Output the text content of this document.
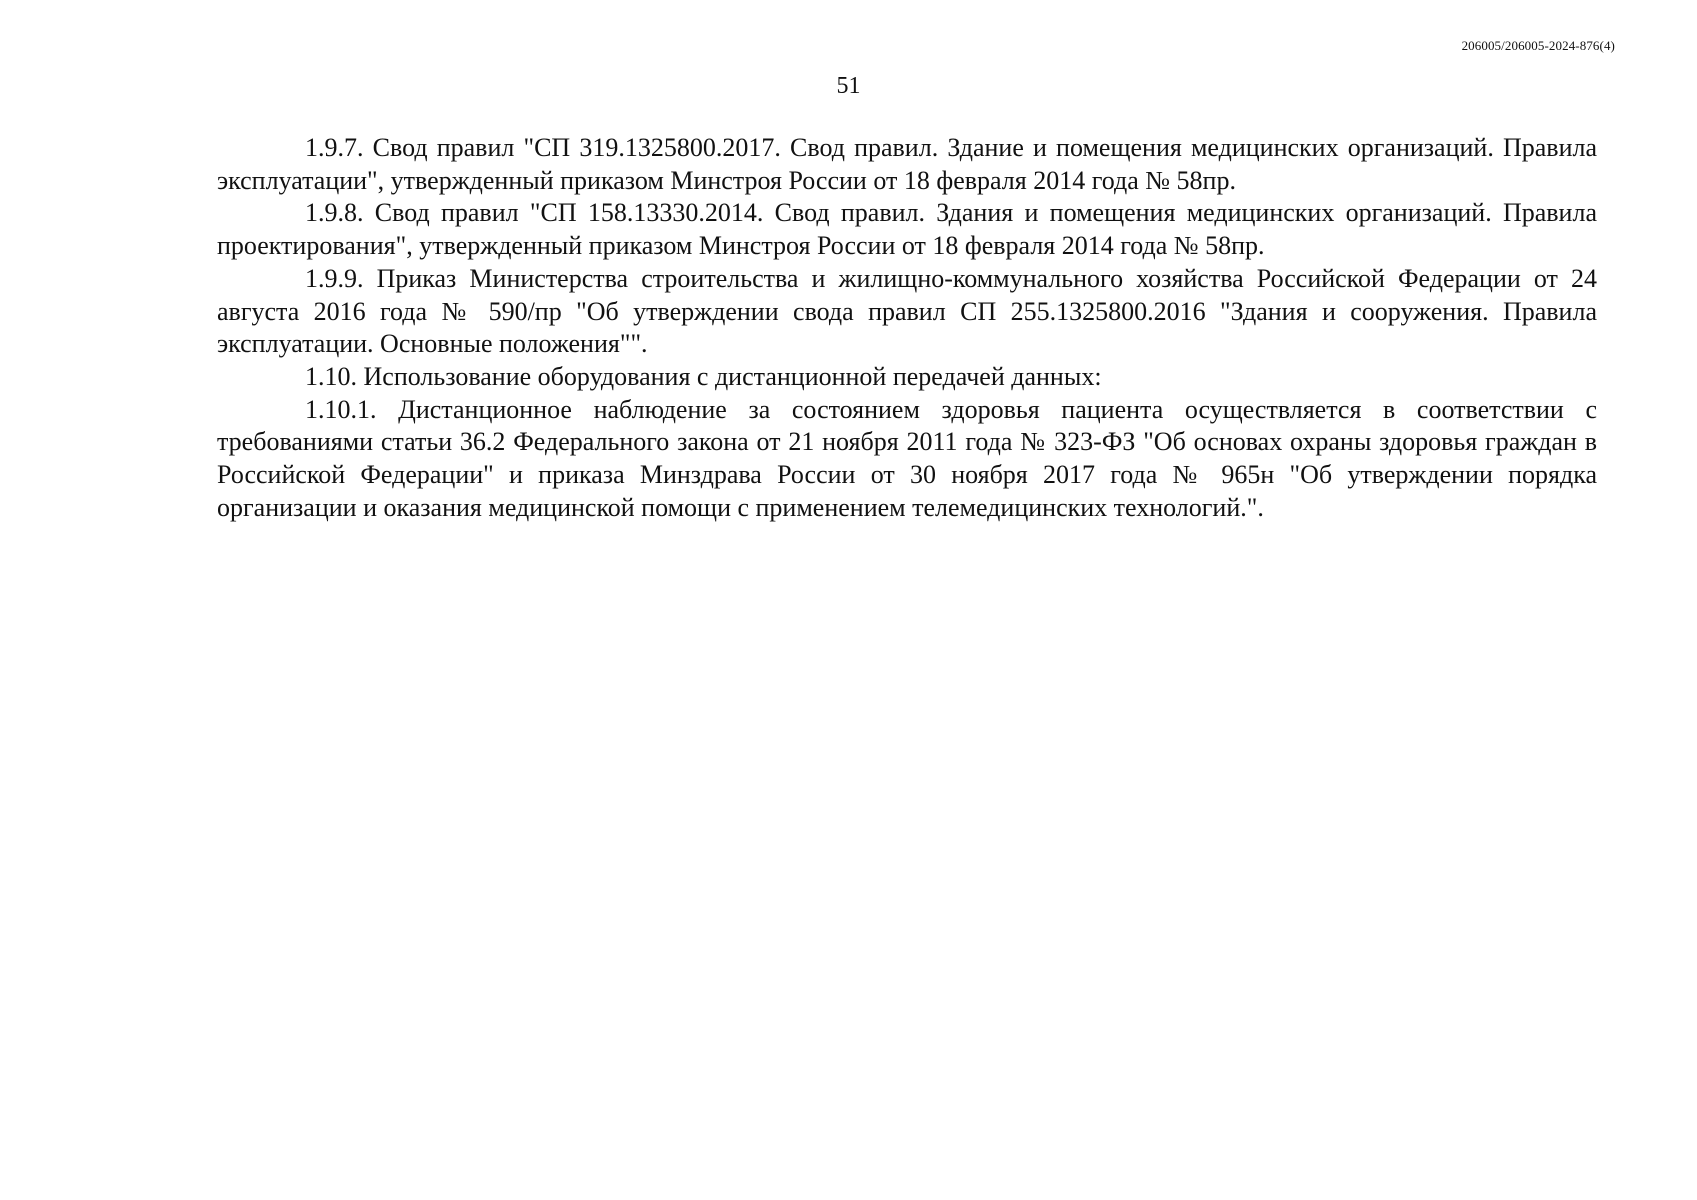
206005/206005-2024-876(4)
51

1.9.7. Свод правил "СП 319.1325800.2017. Свод правил. Здание и помещения медицинских организаций. Правила эксплуатации", утвержденный приказом Минстроя России от 18 февраля 2014 года № 58пр.

1.9.8. Свод правил "СП 158.13330.2014. Свод правил. Здания и помещения медицинских организаций. Правила проектирования", утвержденный приказом Минстроя России от 18 февраля 2014 года № 58пр.

1.9.9. Приказ Министерства строительства и жилищно-коммунального хозяйства Российской Федерации от 24 августа 2016 года № 590/пр "Об утверждении свода правил СП 255.1325800.2016 "Здания и сооружения. Правила эксплуатации. Основные положения"".

1.10. Использование оборудования с дистанционной передачей данных:

1.10.1. Дистанционное наблюдение за состоянием здоровья пациента осуществляется в соответствии с требованиями статьи 36.2 Федерального закона от 21 ноября 2011 года № 323-ФЗ "Об основах охраны здоровья граждан в Российской Федерации" и приказа Минздрава России от 30 ноября 2017 года № 965н "Об утверждении порядка организации и оказания медицинской помощи с применением телемедицинских технологий.".
